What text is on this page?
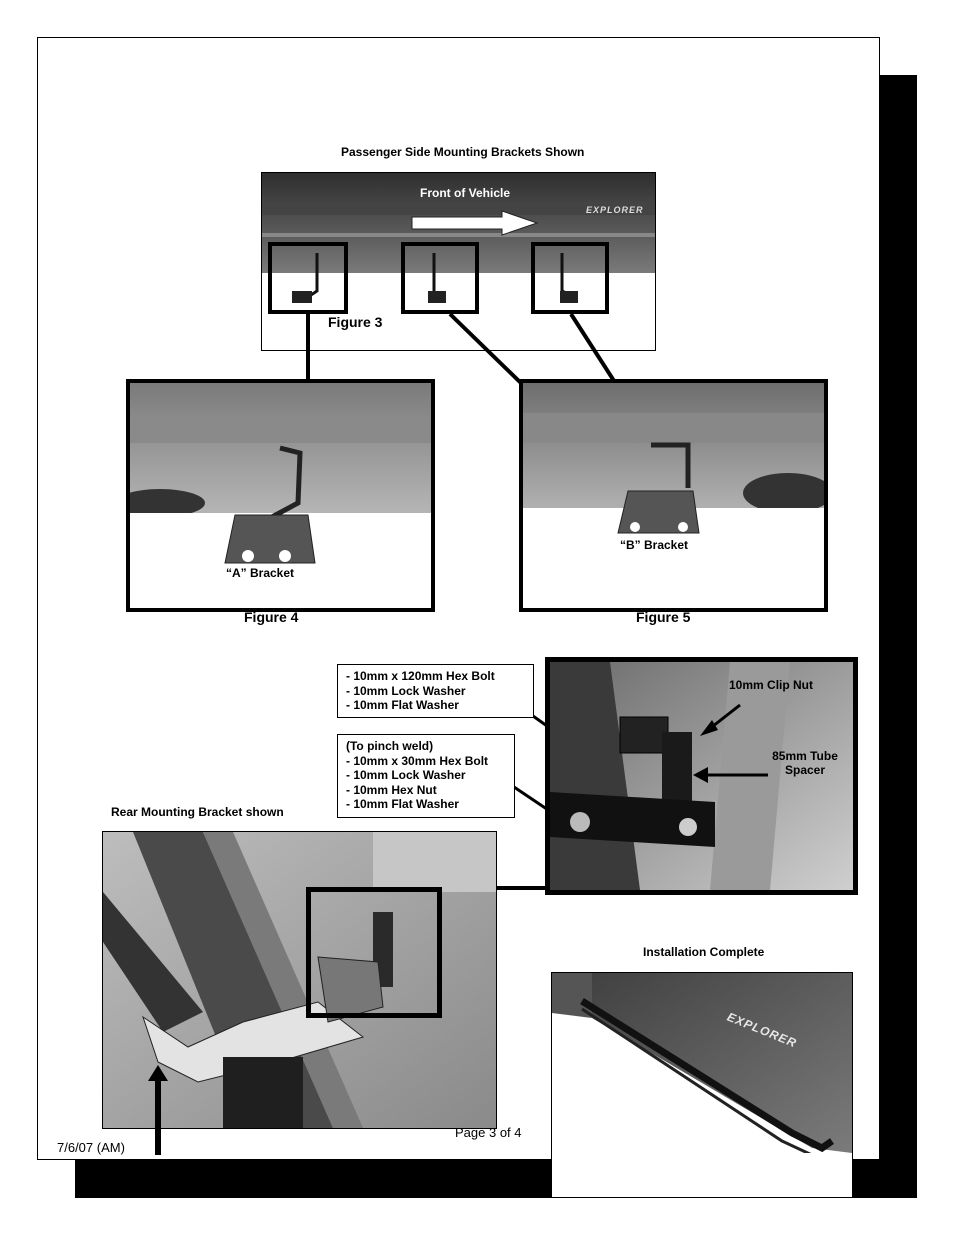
Passenger Side Mounting Brackets Shown
Front of Vehicle
EXPLORER
Figure 3
“A” Bracket
Figure 4
“B” Bracket
Figure 5
- 10mm x 120mm Hex Bolt
- 10mm Lock Washer
- 10mm Flat Washer
(To pinch weld)
- 10mm x 30mm Hex Bolt
- 10mm Lock Washer
- 10mm Hex Nut
- 10mm Flat Washer
10mm Clip Nut
85mm Tube
Spacer
Rear Mounting Bracket shown
Installation Complete
EXPLORER
7/6/07 (AM)
Page 3 of 4
